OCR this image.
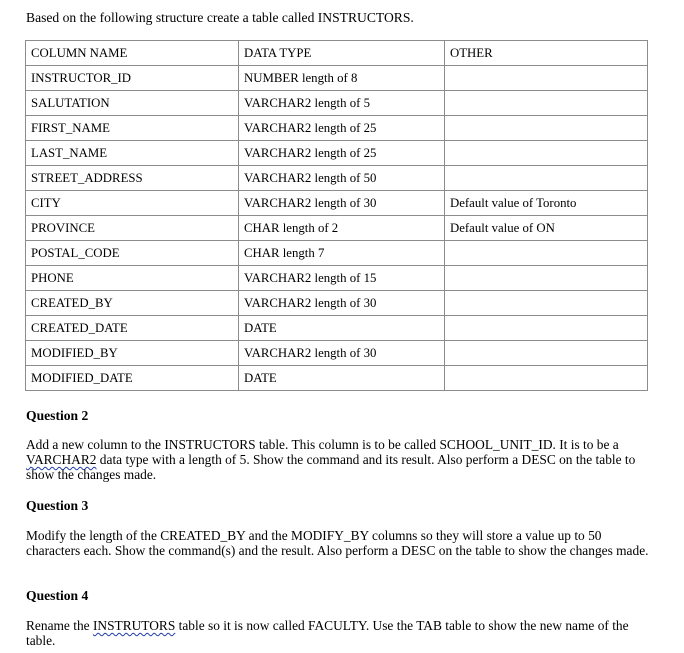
Based on the following structure create a table called INSTRUCTORS.
COLUMN NAME	DATA TYPE	OTHER
INSTRUCTOR_ID	NUMBER length of 8	
SALUTATION	VARCHAR2 length of 5	
FIRST_NAME	VARCHAR2 length of 25	
LAST_NAME	VARCHAR2 length of 25	
STREET_ADDRESS	VARCHAR2 length of 50	
CITY	VARCHAR2 length of 30	Default value of Toronto
PROVINCE	CHAR length of 2	Default value of ON
POSTAL_CODE	CHAR length 7	
PHONE	VARCHAR2 length of 15	
CREATED_BY	VARCHAR2 length of 30	
CREATED_DATE	DATE	
MODIFIED_BY	VARCHAR2 length of 30	
MODIFIED_DATE	DATE	
Question 2
Add a new column to the INSTRUCTORS table. This column is to be called SCHOOL_UNIT_ID. It is to be a VARCHAR2 data type with a length of 5. Show the command and its result. Also perform a DESC on the table to show the changes made.
Question 3
Modify the length of the CREATED_BY and the MODIFY_BY columns so they will store a value up to 50 characters each. Show the command(s) and the result. Also perform a DESC on the table to show the changes made.
Question 4
Rename the INSTRUTORS table so it is now called FACULTY. Use the TAB table to show the new name of the table.
